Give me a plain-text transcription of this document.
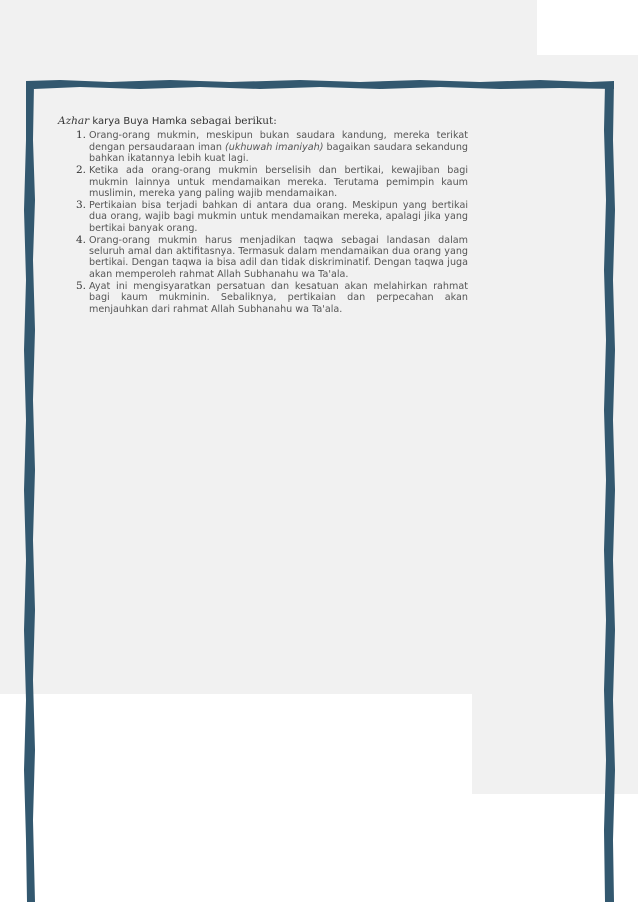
Azhar karya Buya Hamka sebagai berikut:

1. Orang-orang mukmin, meskipun bukan saudara kandung, mereka terikat dengan persaudaraan iman (ukhuwah imaniyah) bagaikan saudara sekandung bahkan ikatannya lebih kuat lagi.
2. Ketika ada orang-orang mukmin berselisih dan bertikai, kewajiban bagi mukmin lainnya untuk mendamaikan mereka. Terutama pemimpin kaum muslimin, mereka yang paling wajib mendamaikan.
3. Pertikaian bisa terjadi bahkan di antara dua orang. Meskipun yang bertikai dua orang, wajib bagi mukmin untuk mendamaikan mereka, apalagi jika yang bertikai banyak orang.
4. Orang-orang mukmin harus menjadikan taqwa sebagai landasan dalam seluruh amal dan aktifitasnya. Termasuk dalam mendamaikan dua orang yang bertikai. Dengan taqwa ia bisa adil dan tidak diskriminatif. Dengan taqwa juga akan memperoleh rahmat Allah Subhanahu wa Ta'ala.
5. Ayat ini mengisyaratkan persatuan dan kesatuan akan melahirkan rahmat bagi kaum mukminin. Sebaliknya, pertikaian dan perpecahan akan menjauhkan dari rahmat Allah Subhanahu wa Ta'ala.
